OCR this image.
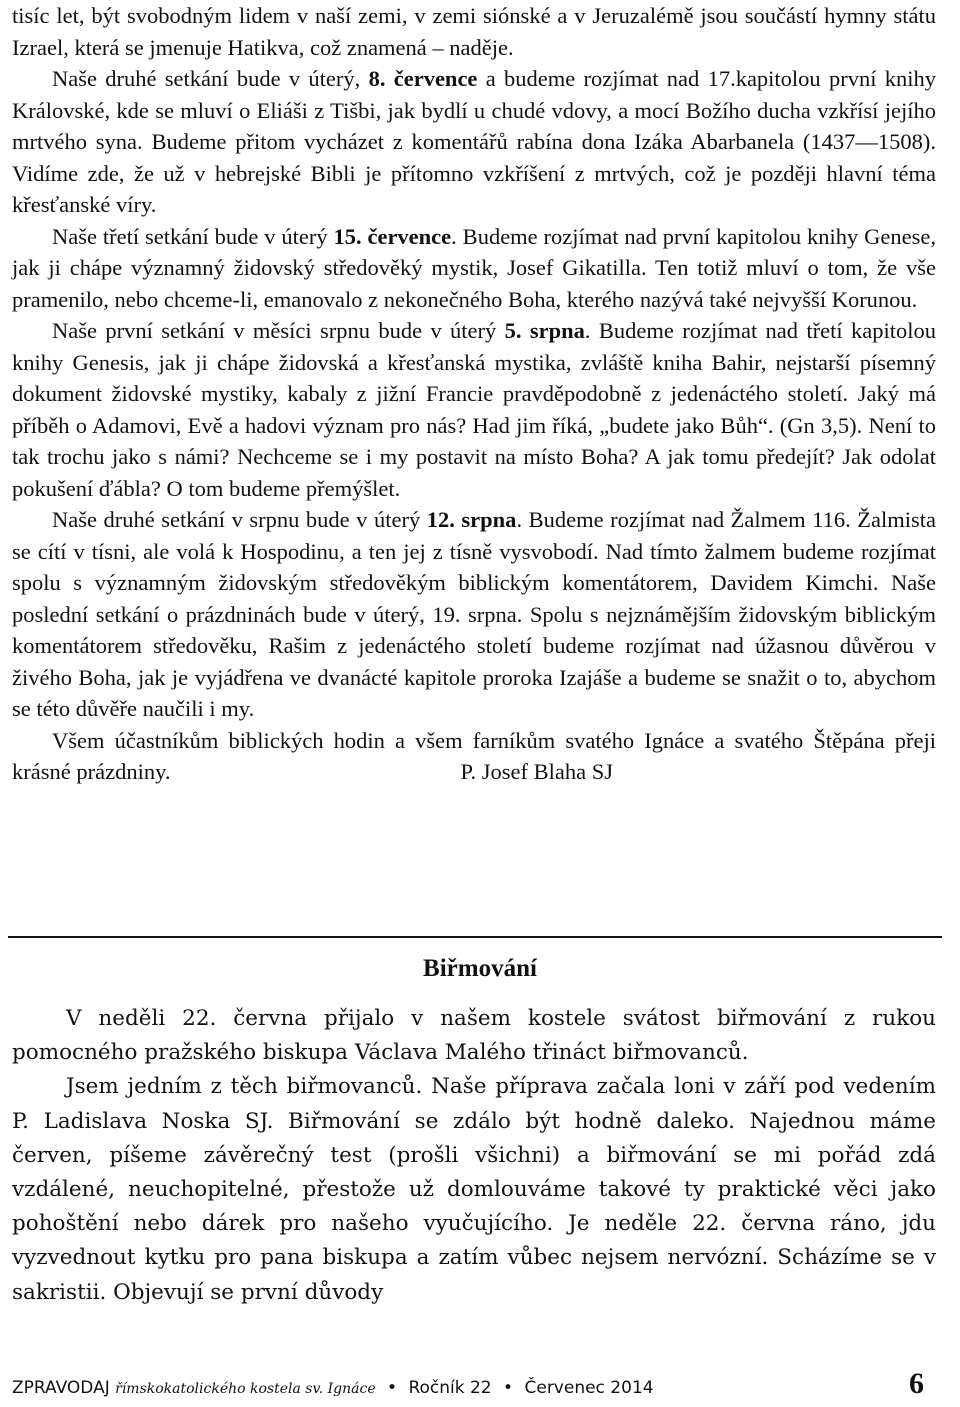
tisíc let, být svobodným lidem v naší zemi, v zemi siónské a v Jeruzalémě jsou součástí hymny státu Izrael, která se jmenuje Hatikva, což znamená – naděje.

Naše druhé setkání bude v úterý, 8. července a budeme rozjímat nad 17.kapitolou první knihy Královské, kde se mluví o Eliáši z Tišbi, jak bydlí u chudé vdovy, a mocí Božího ducha vzkřísí jejího mrtvého syna. Budeme přitom vycházet z komentářů rabína dona Izáka Abarbanela (1437—1508). Vidíme zde, že už v hebrejské Bibli je přítomno vzkříšení z mrtvých, což je později hlavní téma křesťanské víry.

Naše třetí setkání bude v úterý 15. července. Budeme rozjímat nad první kapitolou knihy Genese, jak ji chápe významný židovský středověký mystik, Josef Gikatilla. Ten totiž mluví o tom, že vše pramenilo, nebo chceme-li, emanovalo z nekonečného Boha, kterého nazývá také nejvyšší Korunou.

Naše první setkání v měsíci srpnu bude v úterý 5. srpna. Budeme rozjímat nad třetí kapitolou knihy Genesis, jak ji chápe židovská a křesťanská mystika, zvláště kniha Bahir, nejstarší písemný dokument židovské mystiky, kabaly z jižní Francie pravděpodobně z jedenáctého století. Jaký má příběh o Adamovi, Evě a hadovi význam pro nás? Had jim říká, „budete jako Bůh“. (Gn 3,5). Není to tak trochu jako s námi? Nechceme se i my postavit na místo Boha? A jak tomu předejít? Jak odolat pokušení ďábla? O tom budeme přemýšlet.

Naše druhé setkání v srpnu bude v úterý 12. srpna. Budeme rozjímat nad Žalmem 116. Žalmista se cítí v tísni, ale volá k Hospodinu, a ten jej z tísně vysvobodí. Nad tímto žalmem budeme rozjímat spolu s významným židovským středověkým biblickým komentátorem, Davidem Kimchi. Naše poslední setkání o prázdninách bude v úterý, 19. srpna. Spolu s nejznámějším židovským biblickým komentátorem středověku, Rašim z jedenáctého století budeme rozjímat nad úžasnou důvěrou v živého Boha, jak je vyjádřena ve dvanácté kapitole proroka Izajáše a budeme se snažit o to, abychom se této důvěře naučili i my.

Všem účastníkům biblických hodin a všem farníkům svatého Ignáce a svatého Štěpána přeji krásné prázdniny.	P. Josef Blaha SJ

Biřmování

V neděli 22. června přijalo v našem kostele svátost biřmování z rukou pomocného pražského biskupa Václava Malého třináct biřmovanců.

Jsem jedním z těch biřmovanců. Naše příprava začala loni v září pod vedením P. Ladislava Noska SJ. Biřmování se zdálo být hodně daleko. Najednou máme červen, píšeme závěrečný test (prošli všichni) a biřmování se mi pořád zdá vzdálené, neuchopitelné, přestože už domlouváme takové ty praktické věci jako pohoštění nebo dárek pro našeho vyučujícího. Je neděle 22. června ráno, jdu vyzvednout kytku pro pana biskupa a zatím vůbec nejsem nervózní. Scházíme se v sakristii. Objevují se první důvody

ZPRAVODAJ římskokatolického kostela sv. Ignáce • Ročník 22 • Červenec 2014	6
